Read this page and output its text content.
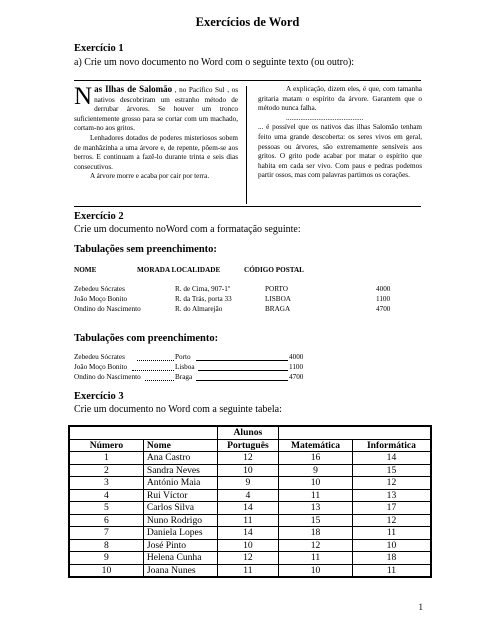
Exercícios de Word
Exercício 1
a) Crie um novo documento no Word com o seguinte texto (ou outro):

N as Ilhas de Salomão , no Pacífico Sul , os nativos descobriram um estranho método de derrubar árvores. Se houver um tronco suficientemente grosso para se cortar com um machado, cortam-no aos gritos.

Lenhadores dotados de poderes misteriosos sobem de manhãzinha a uma árvore e, de repente, põem-se aos berros. E continuam a fazê-lo durante trinta e seis dias consecutivos.

A árvore morre e acaba por cair por terra.

A explicação, dizem eles, é que, com tamanha gritaria matam o espírito da árvore. Garantem que o método nunca falha.

...........................................

... é possível que os nativos das ilhas Salomão tenham feito uma grande descoberta: os seres vivos em geral, pessoas ou árvores, são extremamente sensíveis aos gritos. O grito pode acabar por matar o espírito que habita em cada ser vivo. Com paus e pedras podemos partir ossos, mas com palavras partimos os corações.

Exercício 2
Crie um documento noWord com a formatação seguinte:
Tabulações sem preenchimento:
NOME	MORADA LOCALIDADE	CÓDIGO POSTAL
Zebedeu Sócrates	R. de Cima, 907-1º	PORTO	4000
João Moço Bonito	R. da Trás, porta 33	LISBOA	1100
Ondino do Nascimento	R. do Almarejão	BRAGA	4700
Tabulações com preenchimento:
Zebedeu Sócrates	Porto	4000
João Moço Bonito	Lisboa	1100
Ondino do Nascimento	Braga	4700
Exercício 3
Crie um documento no Word com a seguinte tabela:
		Alunos		
Número	Nome	Português	Matemática	Informática
1	Ana Castro	12	16	14
2	Sandra Neves	10	9	15
3	António Maia	9	10	12
4	Rui Víctor	4	11	13
5	Carlos Silva	14	13	17
6	Nuno Rodrigo	11	15	12
7	Daniela Lopes	14	18	11
8	José Pinto	10	12	10
9	Helena Cunha	12	11	18
10	Joana Nunes	11	10	11
1
